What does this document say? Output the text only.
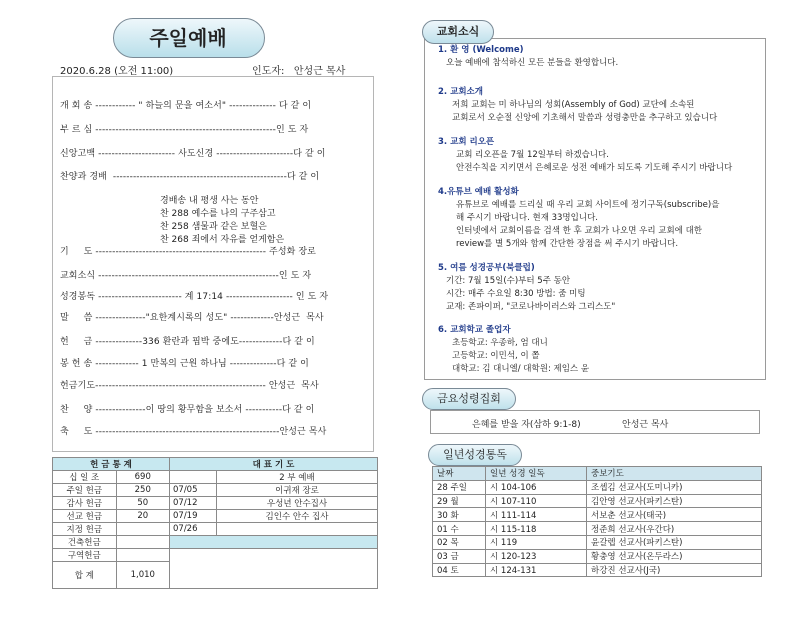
주일예배
2020.6.28 (오전 11:00)	인도자:   안성근 목사
개 회 송 ------------ " 하늘의 문을 여소서" -------------- 다 같 이
부 르 심 ------------------------------------------------------인 도 자
신앙고백 ----------------------- 사도신경 -----------------------다 같 이
찬양과 경배  ----------------------------------------------------다 같 이
경배송 내 평생 사는 동안
찬 288 예수를 나의 구주삼고
찬 258 샘물과 같은 보혈은
찬 268 죄에서 자유를 얻게함은
기     도 --------------------------------------------------- 주성화 장로
교회소식 ------------------------------------------------------인 도 자
성경봉독 ------------------------- 계 17:14 -------------------- 인 도 자
말     씀 ---------------"요한계시록의 성도" -------------안성근  목사
헌     금 --------------336 환란과 핍박 중에도-------------다 같 이
봉 헌 송 ------------- 1 만복의 근원 하나님 --------------다 같 이
헌금기도--------------------------------------------------- 안성근  목사
찬     양 ---------------이 땅의 황무함을 보소서 -----------다 같 이
축     도 -------------------------------------------------------안성근 목사
헌 금 통 계		대 표 기 도	
십 일 조	690		2 부 예배
주일 헌금	250	07/05	이귀재 장로
감사 헌금	50	07/12	우성년 안수집사
선교 헌금	20	07/19	김인수 안수 집사
지정 헌금		07/26	
건축헌금			
구역헌금			
합 계	1,010		
교회소식
1. 환 영 (Welcome)
오늘 예배에 참석하신 모든 분들을 환영합니다.
2. 교회소개
저희 교회는 미 하나님의 성회(Assembly of God) 교단에 소속된
교회로서 오순절 신앙에 기초해서 말씀과 성령충만을 추구하고 있습니다
3. 교회 리오픈
교회 리오픈을 7월 12일부터 하겠습니다.
안전수칙을 지키면서 은혜로운 성전 예배가 되도록 기도해 주시기 바랍니다
4.유튜브 예배 활성화
유튜브로 예배를 드리실 때 우리 교회 사이트에 정기구독(subscribe)을
해 주시기 바랍니다. 현재 33명입니다.
인터넷에서 교회이름을 검색 한 후 교회가 나오면 우리 교회에 대한
review를 별 5개와 함께 간단한 장점을 써 주시기 바랍니다.
5. 여름 성경공부(북클럽)
기간: 7월 15일(수)부터 5주 동안
시간: 매주 수요일 8:30 방법: 줌 미팅
교재: 존파이퍼, "코로나바이러스와 그리스도"
6. 교회학교 졸업자
초등학교: 우종하, 엄 대니
고등학교: 이민석, 이 쫄
대학교: 김 대니엘/ 대학원: 제임스 윤
금요성령집회
은혜를 받을 자(삼하 9:1-8)	안성근 목사
일년성경통독
날짜	일년 성경 일독	중보기도
28 주일	시 104-106	조셉김 선교사(도미니카)
29 월	시 107-110	김안영 선교사(파키스탄)
30 화	시 111-114	서보춘 선교사(태국)
01 수	시 115-118	정준희 선교사(우간다)
02 목	시 119	윤갈렙 선교사(파키스탄)
03 금	시 120-123	황충영 선교사(온두라스)
04 토	시 124-131	하강진 선교사(J국)
